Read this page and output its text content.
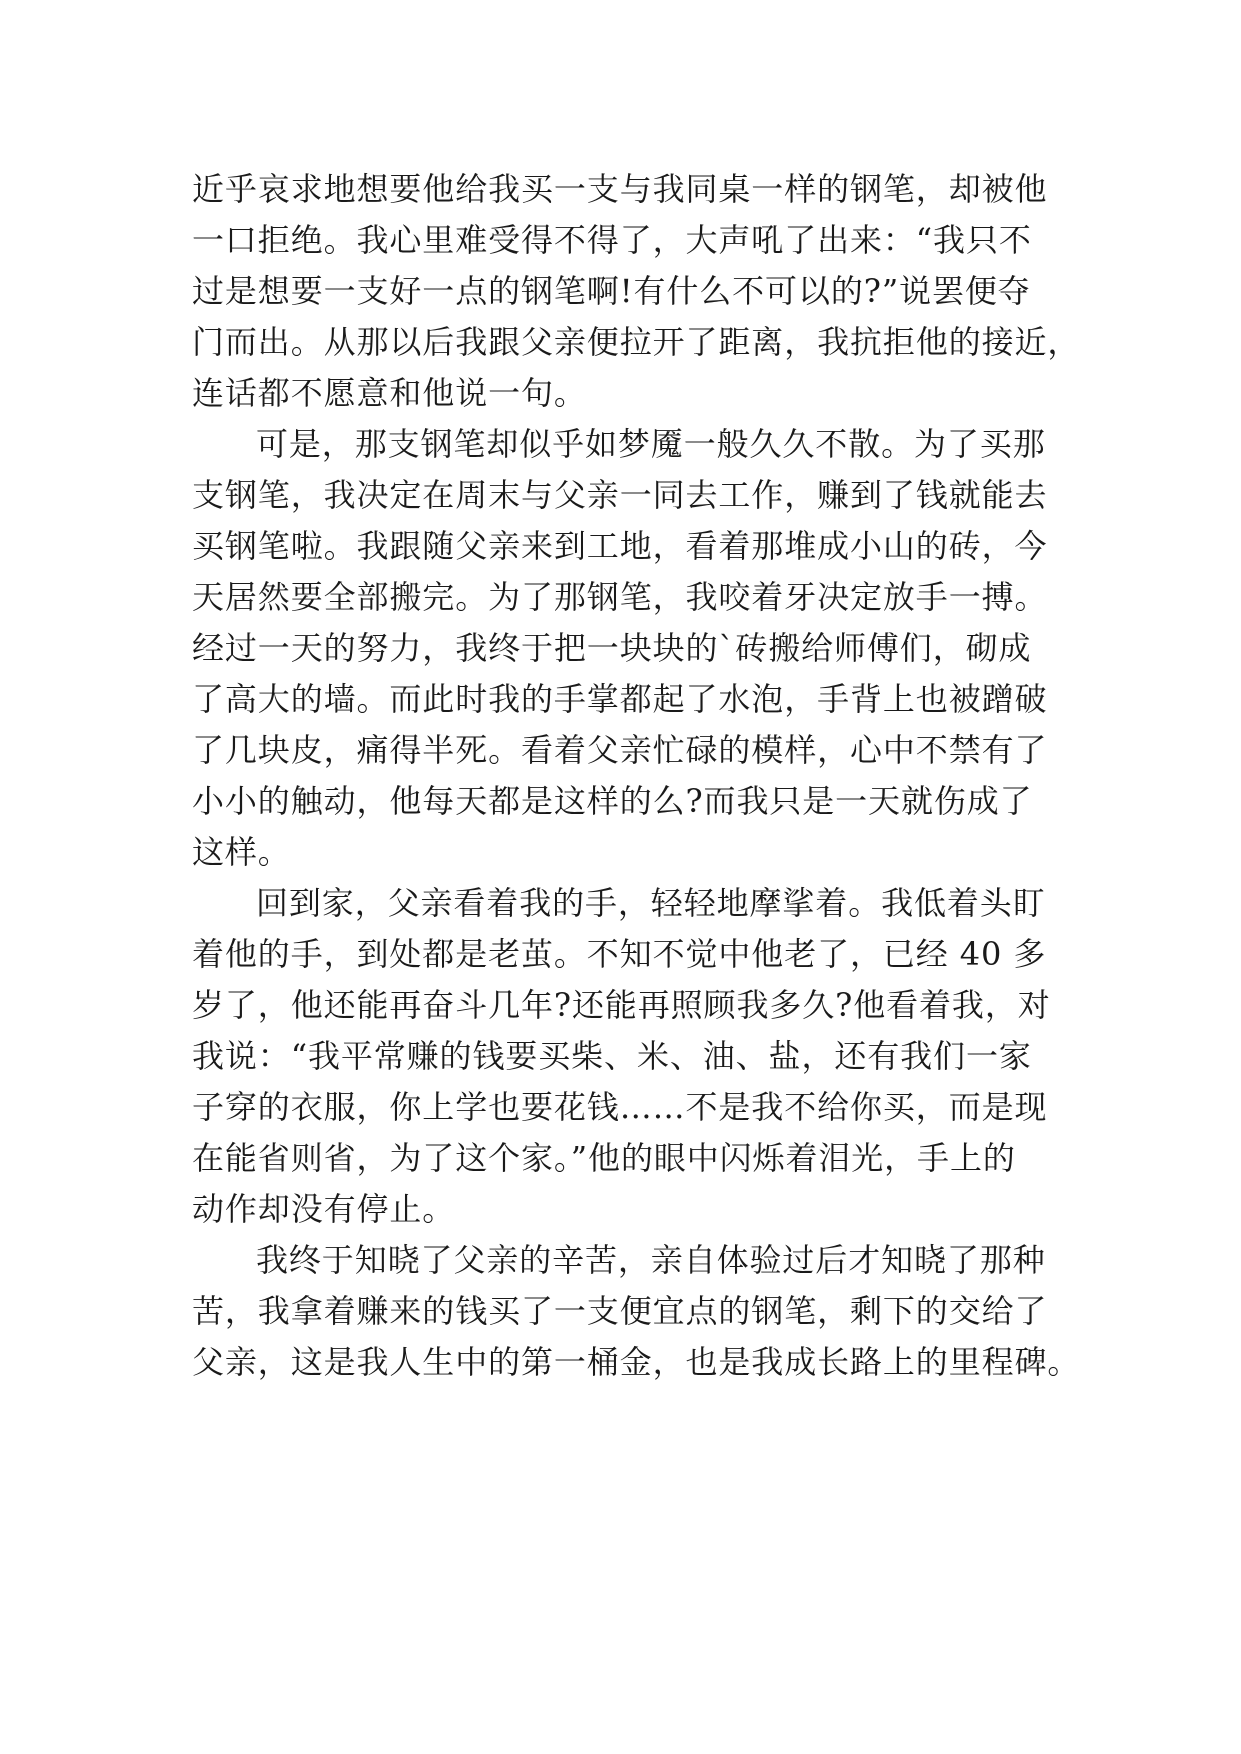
近乎哀求地想要他给我买一支与我同桌一样的钢笔，却被他
一口拒绝。我心里难受得不得了，大声吼了出来：“我只不
过是想要一支好一点的钢笔啊!有什么不可以的?”说罢便夺
门而出。从那以后我跟父亲便拉开了距离，我抗拒他的接近，
连话都不愿意和他说一句。
可是，那支钢笔却似乎如梦魇一般久久不散。为了买那
支钢笔，我决定在周末与父亲一同去工作，赚到了钱就能去
买钢笔啦。我跟随父亲来到工地，看着那堆成小山的砖，今
天居然要全部搬完。为了那钢笔，我咬着牙决定放手一搏。
经过一天的努力，我终于把一块块的`砖搬给师傅们，砌成
了高大的墙。而此时我的手掌都起了水泡，手背上也被蹭破
了几块皮，痛得半死。看着父亲忙碌的模样，心中不禁有了
小小的触动，他每天都是这样的么?而我只是一天就伤成了
这样。
回到家，父亲看着我的手，轻轻地摩挲着。我低着头盯
着他的手，到处都是老茧。不知不觉中他老了，已经 40 多
岁了，他还能再奋斗几年?还能再照顾我多久?他看着我，对
我说：“我平常赚的钱要买柴、米、油、盐，还有我们一家
子穿的衣服，你上学也要花钱……不是我不给你买，而是现
在能省则省，为了这个家。”他的眼中闪烁着泪光，手上的
动作却没有停止。
我终于知晓了父亲的辛苦，亲自体验过后才知晓了那种
苦，我拿着赚来的钱买了一支便宜点的钢笔，剩下的交给了
父亲，这是我人生中的第一桶金，也是我成长路上的里程碑。
